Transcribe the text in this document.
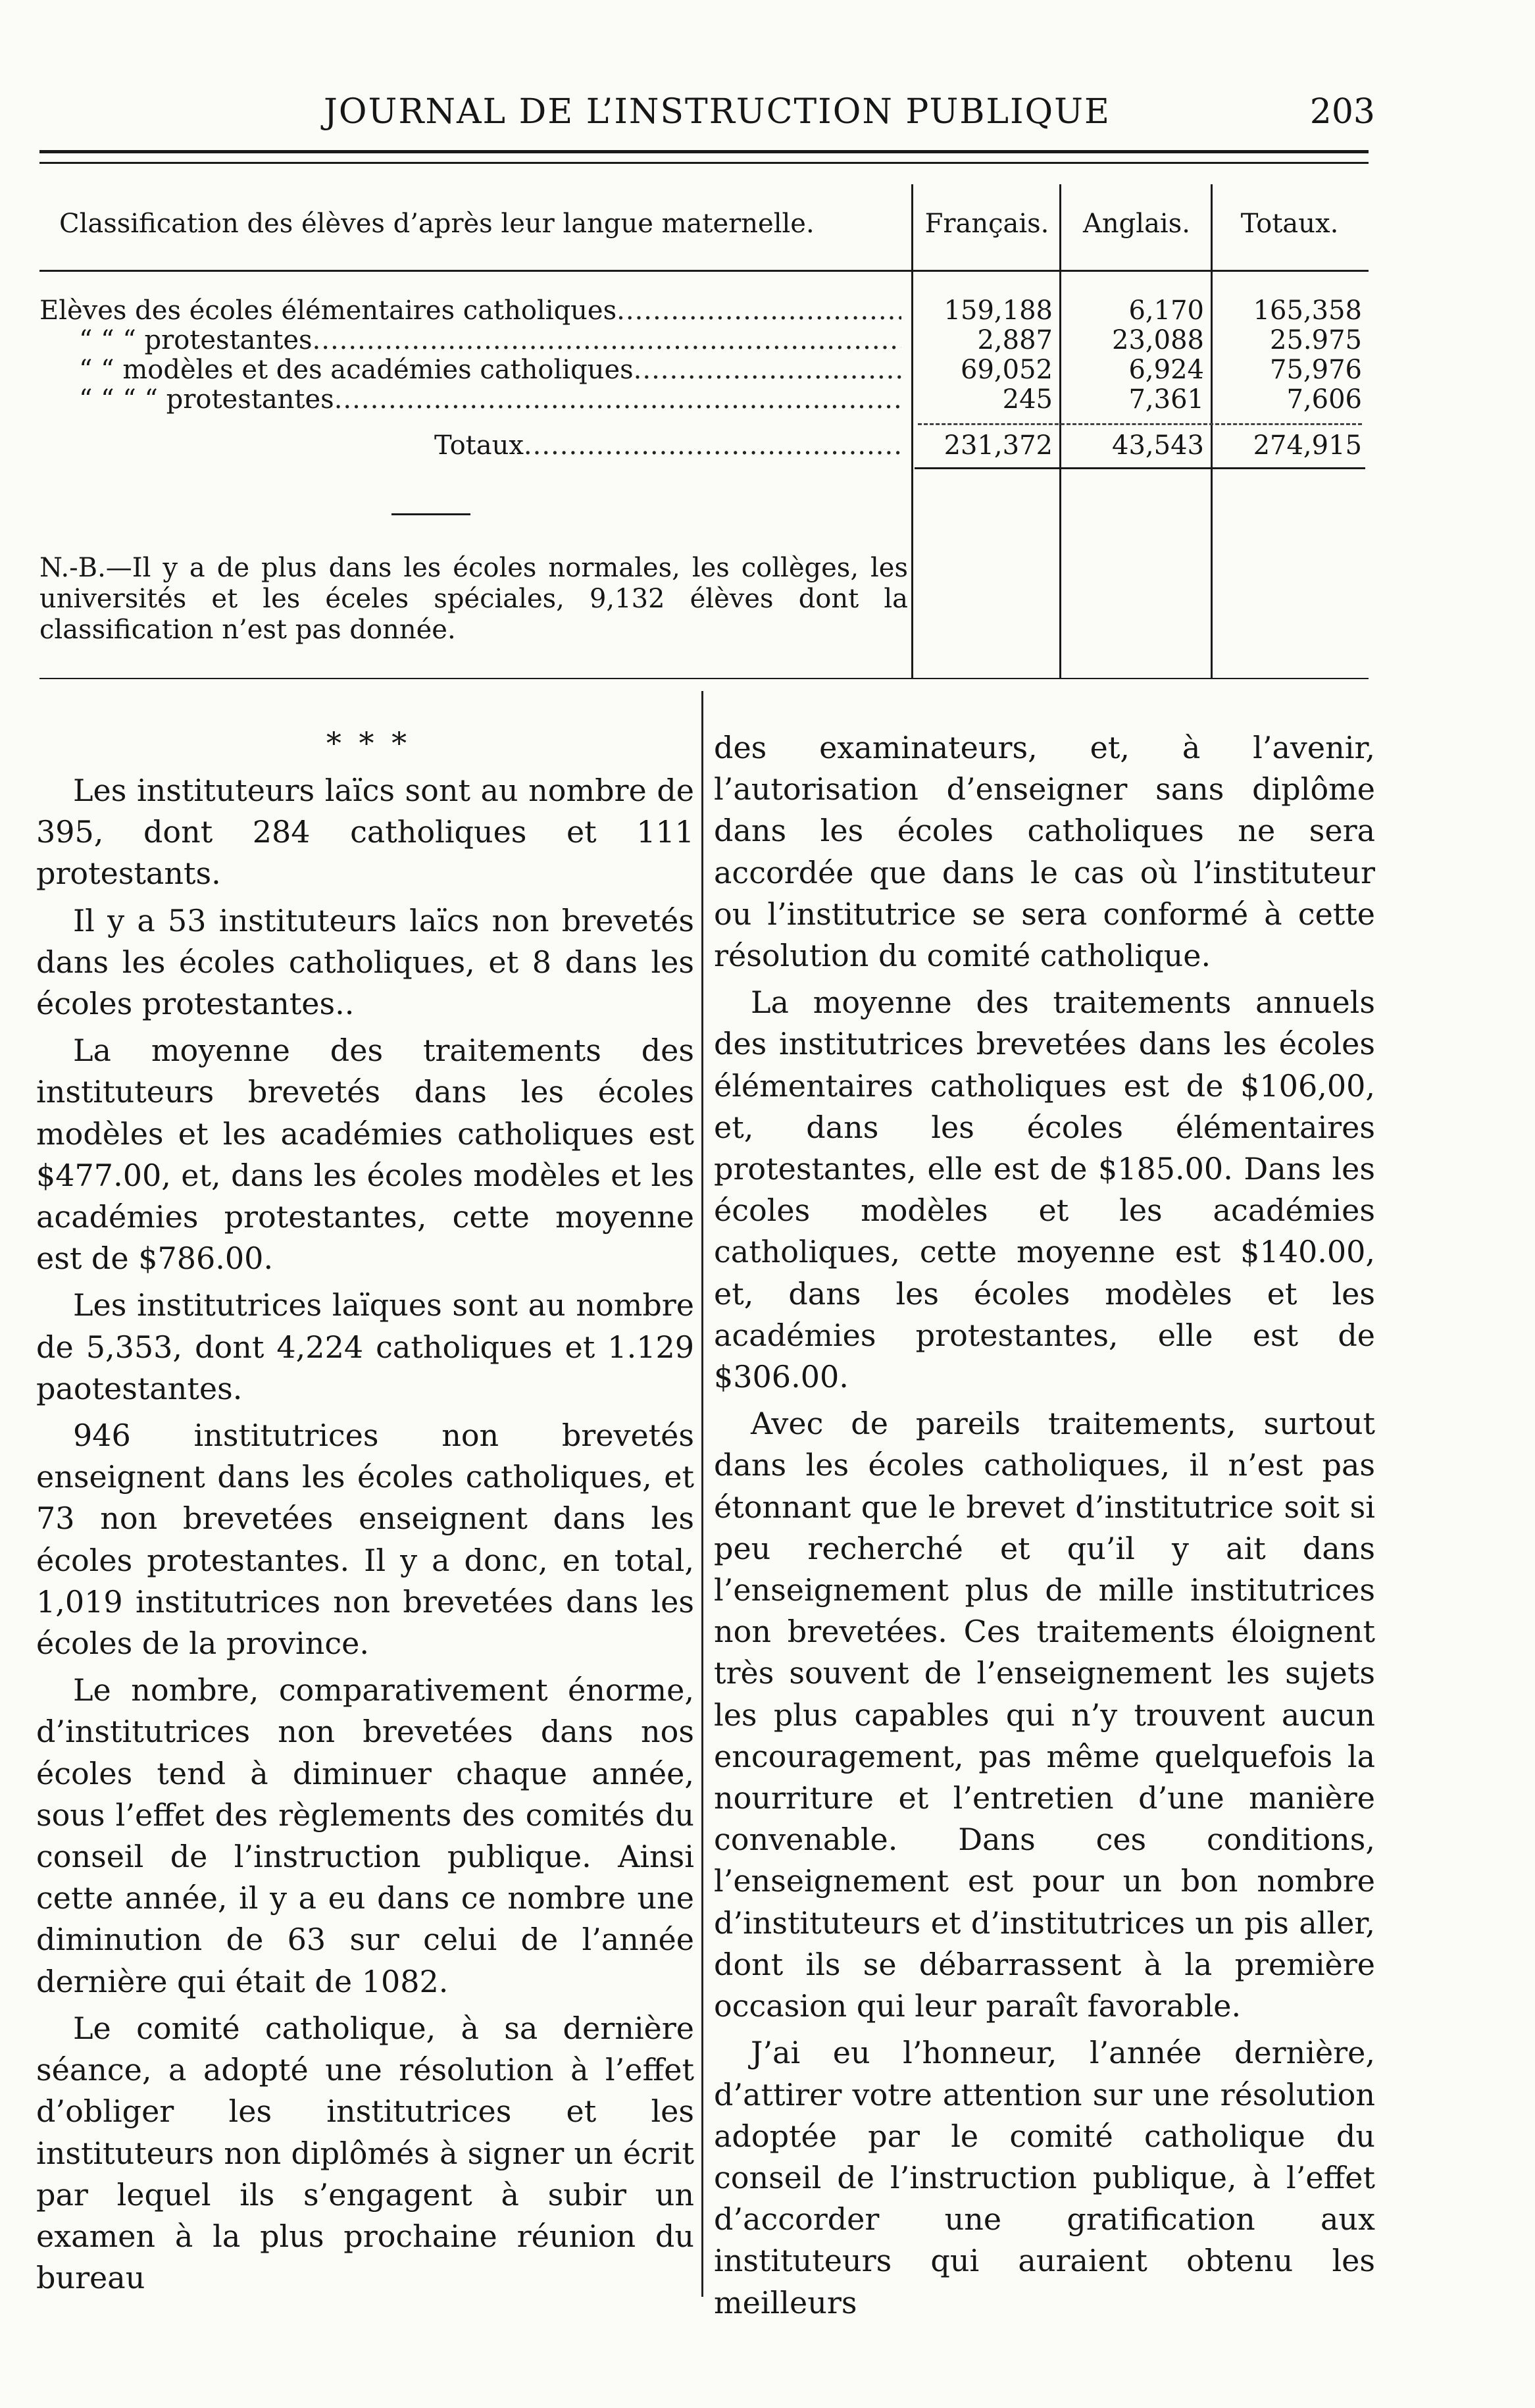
JOURNAL DE L’INSTRUCTION PUBLIQUE	203
Classification des élèves d’après leur langue maternelle.	Français.	Anglais.	Totaux.
Elèves des écoles élémentaires catholiques .....	159,188	6,170	165,358
“ “ “ protestantes .....	2,887	23,088	25.975
“ “ modèles et des académies catholiques .....	69,052	6,924	75,976
“ “ “ “ protestantes .....	245	7,361	7,606
Totaux .....	231,372	43,543	274,915

N.-B.—Il y a de plus dans les écoles normales, les collèges, les universités et les éceles spéciales, 9,132 élèves dont la classification n’est pas donnée.

* * *

Les instituteurs laïcs sont au nombre de 395, dont 284 catholiques et 111 protestants.

Il y a 53 instituteurs laïcs non brevetés dans les écoles catholiques, et 8 dans les écoles protestantes..

La moyenne des traitements des instituteurs brevetés dans les écoles modèles et les académies catholiques est $477.00, et, dans les écoles modèles et les académies protestantes, cette moyenne est de $786.00.

Les institutrices laïques sont au nombre de 5,353, dont 4,224 catholiques et 1.129 paotestantes.

946 institutrices non brevetés enseignent dans les écoles catholiques, et 73 non brevetées enseignent dans les écoles protestantes. Il y a donc, en total, 1,019 institutrices non brevetées dans les écoles de la province.

Le nombre, comparativement énorme, d’institutrices non brevetées dans nos écoles tend à diminuer chaque année, sous l’effet des règlements des comités du conseil de l’instruction publique. Ainsi cette année, il y a eu dans ce nombre une diminution de 63 sur celui de l’année dernière qui était de 1082.

Le comité catholique, à sa dernière séance, a adopté une résolution à l’effet d’obliger les institutrices et les instituteurs non diplômés à signer un écrit par lequel ils s’engagent à subir un examen à la plus prochaine réunion du bureau

des examinateurs, et, à l’avenir, l’autorisation d’enseigner sans diplôme dans les écoles catholiques ne sera accordée que dans le cas où l’instituteur ou l’institutrice se sera conformé à cette résolution du comité catholique.

La moyenne des traitements annuels des institutrices brevetées dans les écoles élémentaires catholiques est de $106,00, et, dans les écoles élémentaires protestantes, elle est de $185.00. Dans les écoles modèles et les académies catholiques, cette moyenne est $140.00, et, dans les écoles modèles et les académies protestantes, elle est de $306.00.

Avec de pareils traitements, surtout dans les écoles catholiques, il n’est pas étonnant que le brevet d’institutrice soit si peu recherché et qu’il y ait dans l’enseignement plus de mille institutrices non brevetées. Ces traitements éloignent très souvent de l’enseignement les sujets les plus capables qui n’y trouvent aucun encouragement, pas même quelquefois la nourriture et l’entretien d’une manière convenable. Dans ces conditions, l’enseignement est pour un bon nombre d’instituteurs et d’institutrices un pis aller, dont ils se débarrassent à la première occasion qui leur paraît favorable.

J’ai eu l’honneur, l’année dernière, d’attirer votre attention sur une résolution adoptée par le comité catholique du conseil de l’instruction publique, à l’effet d’accorder une gratification aux instituteurs qui auraient obtenu les meilleurs
